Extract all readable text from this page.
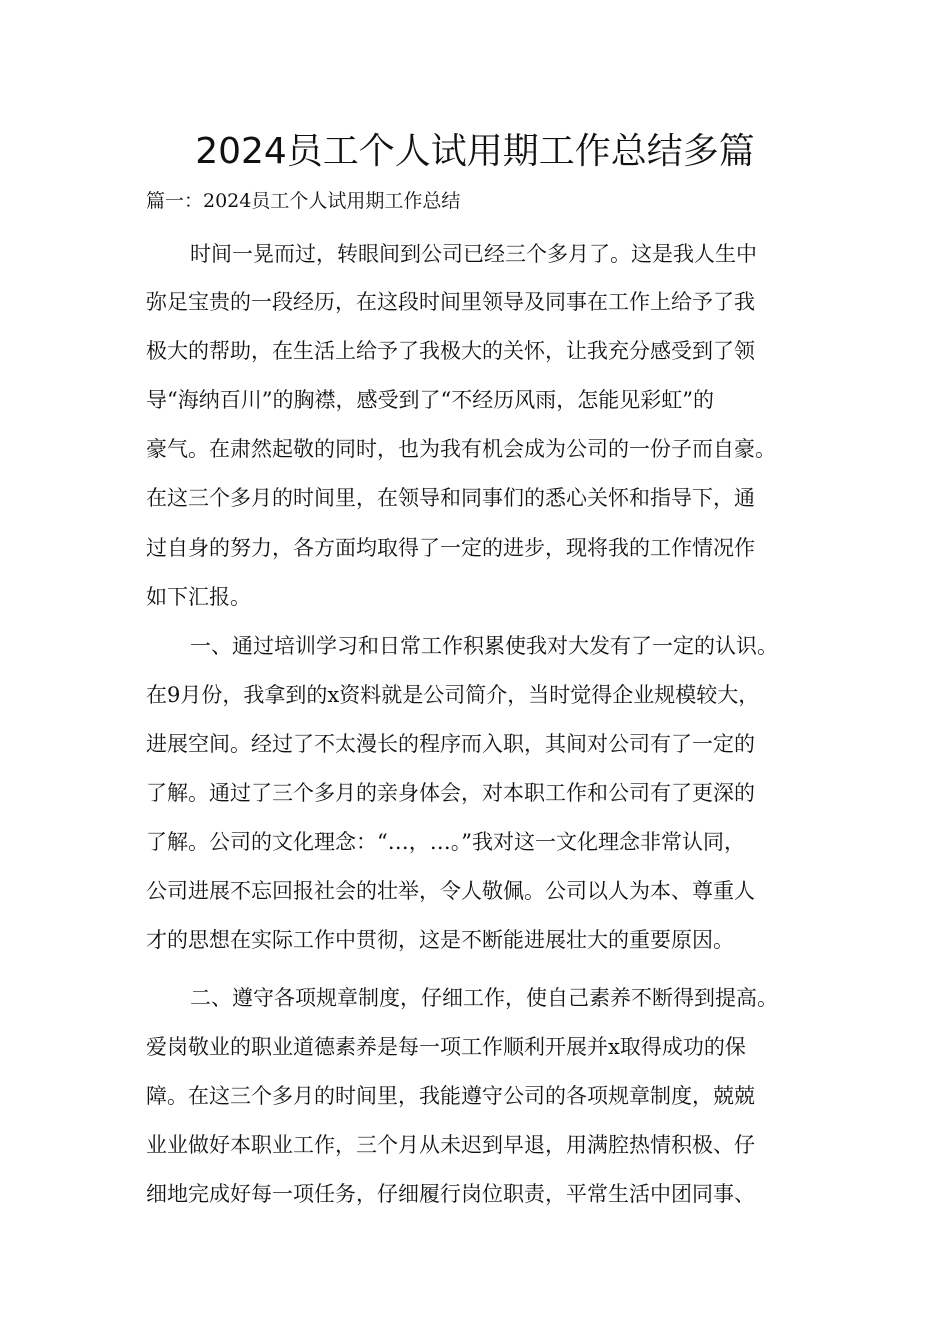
2024员工个人试用期工作总结多篇
篇一：2024员工个人试用期工作总结
时间一晃而过，转眼间到公司已经三个多月了。这是我人生中
弥足宝贵的一段经历，在这段时间里领导及同事在工作上给予了我
极大的帮助，在生活上给予了我极大的关怀，让我充分感受到了领
导“海纳百川”的胸襟，感受到了“不经历风雨，怎能见彩虹”的
豪气。在肃然起敬的同时，也为我有机会成为公司的一份子而自豪。
在这三个多月的时间里，在领导和同事们的悉心关怀和指导下，通
过自身的努力，各方面均取得了一定的进步，现将我的工作情况作
如下汇报。
一、通过培训学习和日常工作积累使我对大发有了一定的认识。
在9月份，我拿到的x资料就是公司简介，当时觉得企业规模较大，
进展空间。经过了不太漫长的程序而入职，其间对公司有了一定的
了解。通过了三个多月的亲身体会，对本职工作和公司有了更深的
了解。公司的文化理念：“…，…。”我对这一文化理念非常认同，
公司进展不忘回报社会的壮举，令人敬佩。公司以人为本、尊重人
才的思想在实际工作中贯彻，这是不断能进展壮大的重要原因。
二、遵守各项规章制度，仔细工作，使自己素养不断得到提高。
爱岗敬业的职业道德素养是每一项工作顺利开展并x取得成功的保
障。在这三个多月的时间里，我能遵守公司的各项规章制度，兢兢
业业做好本职业工作，三个月从未迟到早退，用满腔热情积极、仔
细地完成好每一项任务，仔细履行岗位职责，平常生活中团同事、
